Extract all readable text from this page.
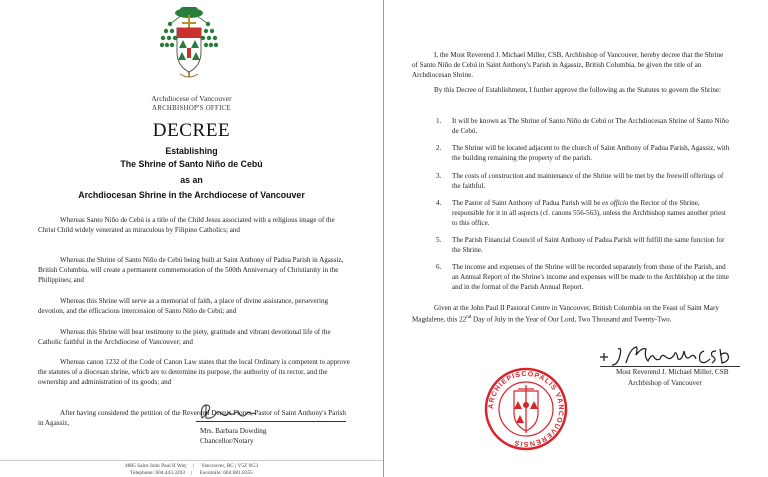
Archdiocese of Vancouver
ARCHBISHOP'S OFFICE
DECREE
Establishing
The Shrine of Santo Niño de Cebú
as an
Archdiocesan Shrine in the Archdiocese of Vancouver
Whereas Santo Niño de Cebú is a title of the Child Jesus associated with a religious image of the Christ Child widely venerated as miraculous by Filipino Catholics; and
Whereas the Shrine of Santo Niño de Cebú being built at Saint Anthony of Padua Parish in Agassiz, British Columbia, will create a permanent commemoration of the 500th Anniversary of Christianity in the Philippines; and
Whereas this Shrine will serve as a memorial of faith, a place of divine assistance, persevering devotion, and the efficacious intercession of Santo Niño de Cebú; and
Whereas this Shrine will bear testimony to the piety, gratitude and vibrant devotional life of the Catholic faithful in the Archdiocese of Vancouver; and
Whereas canon 1232 of the Code of Canon Law states that the local Ordinary is competent to approve the statutes of a diocesan shrine, which are to determine its purpose, the authority of its rector, and the ownership and administration of its goods; and
After having considered the petition of the Reverend Dennis Flores, Pastor of Saint Anthony's Parish in Agassiz,
Mrs. Barbara Dowding
Chancellor/Notary
4885 Saint John Paul II Way | Vancouver, BC | V5Z 0G3
Telephone: 604.443.3203 | Facsimile: 604.681.8355
I, the Most Reverend J. Michael Miller, CSB, Archbishop of Vancouver, hereby decree that the Shrine of Santo Niño de Cebú in Saint Anthony's Parish in Agassiz, British Columbia, be given the title of an Archdiocesan Shrine.
By this Decree of Establishment, I further approve the following as the Statutes to govern the Shrine:
1. It will be known as The Shrine of Santo Niño de Cebú or The Archdiocesan Shrine of Santo Niño de Cebú.
2. The Shrine will be located adjacent to the church of Saint Anthony of Padua Parish, Agassiz, with the building remaining the property of the parish.
3. The costs of construction and maintenance of the Shrine will be met by the freewill offerings of the faithful.
4. The Pastor of Saint Anthony of Padua Parish will be ex officio the Rector of the Shrine, responsible for it in all aspects (cf. canons 556-563), unless the Archbishop names another priest to this office.
5. The Parish Financial Council of Saint Anthony of Padua Parish will fulfill the same function for the Shrine.
6. The income and expenses of the Shrine will be recorded separately from those of the Parish, and an Annual Report of the Shrine's income and expenses will be made to the Archbishop at the time and in the format of the Parish Annual Report.
Given at the John Paul II Pastoral Centre in Vancouver, British Columbia on the Feast of Saint Mary Magdalene, this 22nd Day of July in the Year of Our Lord, Two Thousand and Twenty-Two.
Most Reverend J. Michael Miller, CSB
Archbishop of Vancouver
ARCHIEPISCOPALIS VANCOUVERENSIS
